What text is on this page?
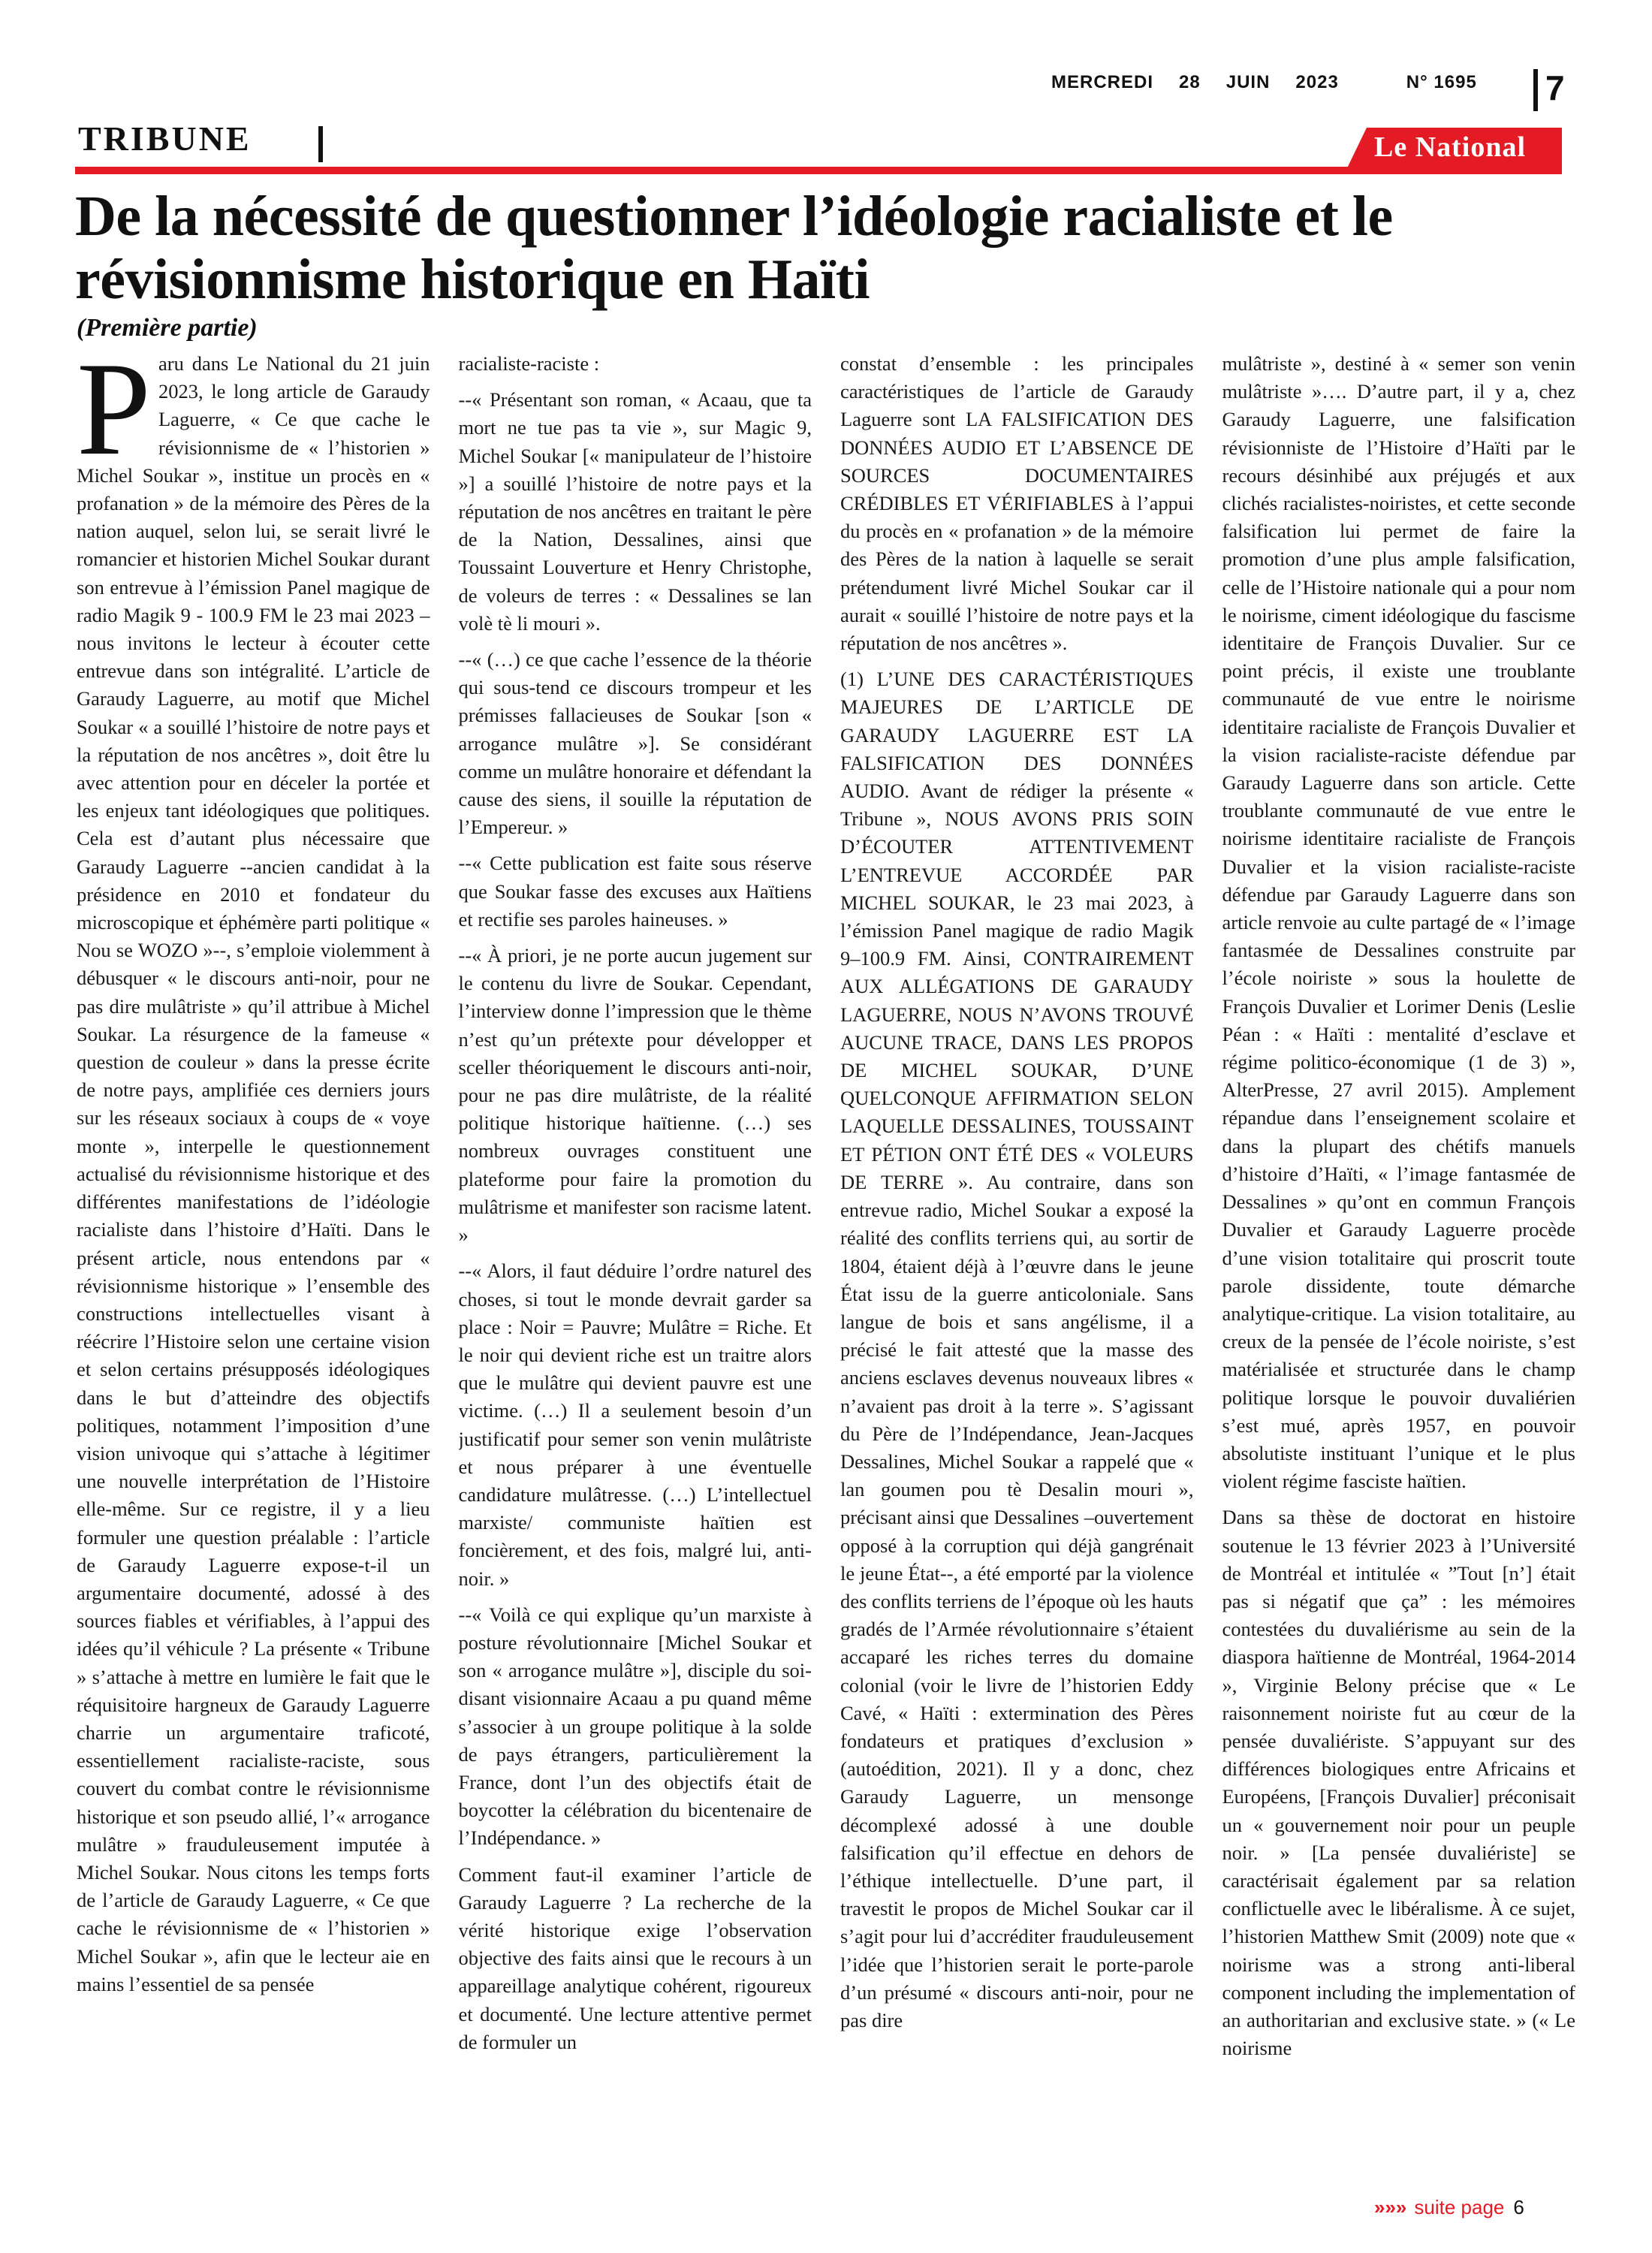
MERCREDI 28 JUIN 2023	N° 1695 7
TRIBUNE	Le National
De la nécessité de questionner l’idéologie racialiste et le révisionnisme historique en Haïti
(Première partie)

Paru dans Le National du 21 juin 2023, le long article de Garaudy Laguerre, « Ce que cache le révisionnisme de « l’historien » Michel Soukar », institue un procès en « profanation » de la mémoire des Pères de la nation auquel, selon lui, se serait livré le romancier et historien Michel Soukar durant son entrevue à l’émission Panel magique de radio Magik 9 - 100.9 FM le 23 mai 2023 –nous invitons le lecteur à écouter cette entrevue dans son intégralité. L’article de Garaudy Laguerre, au motif que Michel Soukar « a souillé l’histoire de notre pays et la réputation de nos ancêtres », doit être lu avec attention pour en déceler la portée et les enjeux tant idéologiques que politiques. Cela est d’autant plus nécessaire que Garaudy Laguerre --ancien candidat à la présidence en 2010 et fondateur du microscopique et éphémère parti politique « Nou se WOZO »--, s’emploie violemment à débusquer « le discours anti-noir, pour ne pas dire mulâtriste » qu’il attribue à Michel Soukar. La résurgence de la fameuse « question de couleur » dans la presse écrite de notre pays, amplifiée ces derniers jours sur les réseaux sociaux à coups de « voye monte », interpelle le questionnement actualisé du révisionnisme historique et des différentes manifestations de l’idéologie racialiste dans l’histoire d’Haïti. Dans le présent article, nous entendons par « révisionnisme historique » l’ensemble des constructions intellectuelles visant à réécrire l’Histoire selon une certaine vision et selon certains présupposés idéologiques dans le but d’atteindre des objectifs politiques, notamment l’imposition d’une vision univoque qui s’attache à légitimer une nouvelle interprétation de l’Histoire elle-même. Sur ce registre, il y a lieu formuler une question préalable : l’article de Garaudy Laguerre expose-t-il un argumentaire documenté, adossé à des sources fiables et vérifiables, à l’appui des idées qu’il véhicule ? La présente « Tribune » s’attache à mettre en lumière le fait que le réquisitoire hargneux de Garaudy Laguerre charrie un argumentaire traficoté, essentiellement racialiste-raciste, sous couvert du combat contre le révisionnisme historique et son pseudo allié, l’« arrogance mulâtre » frauduleusement imputée à Michel Soukar. Nous citons les temps forts de l’article de Garaudy Laguerre, « Ce que cache le révisionnisme de « l’historien » Michel Soukar », afin que le lecteur aie en mains l’essentiel de sa pensée

racialiste-raciste :

--« Présentant son roman, « Acaau, que ta mort ne tue pas ta vie », sur Magic 9, Michel Soukar [« manipulateur de l’histoire »] a souillé l’histoire de notre pays et la réputation de nos ancêtres en traitant le père de la Nation, Dessalines, ainsi que Toussaint Louverture et Henry Christophe, de voleurs de terres : « Dessalines se lan volè tè li mouri ».

--« (…) ce que cache l’essence de la théorie qui sous-tend ce discours trompeur et les prémisses fallacieuses de Soukar [son « arrogance mulâtre »]. Se considérant comme un mulâtre honoraire et défendant la cause des siens, il souille la réputation de l’Empereur. »

--« Cette publication est faite sous réserve que Soukar fasse des excuses aux Haïtiens et rectifie ses paroles haineuses. »

--« À priori, je ne porte aucun jugement sur le contenu du livre de Soukar. Cependant, l’interview donne l’impression que le thème n’est qu’un prétexte pour développer et sceller théoriquement le discours anti-noir, pour ne pas dire mulâtriste, de la réalité politique historique haïtienne. (…) ses nombreux ouvrages constituent une plateforme pour faire la promotion du mulâtrisme et manifester son racisme latent. »

--« Alors, il faut déduire l’ordre naturel des choses, si tout le monde devrait garder sa place : Noir = Pauvre; Mulâtre = Riche. Et le noir qui devient riche est un traitre alors que le mulâtre qui devient pauvre est une victime. (…) Il a seulement besoin d’un justificatif pour semer son venin mulâtriste et nous préparer à une éventuelle candidature mulâtresse. (…) L’intellectuel marxiste/ communiste haïtien est foncièrement, et des fois, malgré lui, anti-noir. »

--« Voilà ce qui explique qu’un marxiste à posture révolutionnaire [Michel Soukar et son « arrogance mulâtre »], disciple du soi-disant visionnaire Acaau a pu quand même s’associer à un groupe politique à la solde de pays étrangers, particulièrement la France, dont l’un des objectifs était de boycotter la célébration du bicentenaire de l’Indépendance. »

Comment faut-il examiner l’article de Garaudy Laguerre ? La recherche de la vérité historique exige l’observation objective des faits ainsi que le recours à un appareillage analytique cohérent, rigoureux et documenté. Une lecture attentive permet de formuler un

constat d’ensemble : les principales caractéristiques de l’article de Garaudy Laguerre sont LA FALSIFICATION DES DONNÉES AUDIO ET L’ABSENCE DE SOURCES DOCUMENTAIRES CRÉDIBLES ET VÉRIFIABLES à l’appui du procès en « profanation » de la mémoire des Pères de la nation à laquelle se serait prétendument livré Michel Soukar car il aurait « souillé l’histoire de notre pays et la réputation de nos ancêtres ».

(1) L’UNE DES CARACTÉRISTIQUES MAJEURES DE L’ARTICLE DE GARAUDY LAGUERRE EST LA FALSIFICATION DES DONNÉES AUDIO. Avant de rédiger la présente « Tribune », NOUS AVONS PRIS SOIN D’ÉCOUTER ATTENTIVEMENT L’ENTREVUE ACCORDÉE PAR MICHEL SOUKAR, le 23 mai 2023, à l’émission Panel magique de radio Magik 9–100.9 FM. Ainsi, CONTRAIREMENT AUX ALLÉGATIONS DE GARAUDY LAGUERRE, NOUS N’AVONS TROUVÉ AUCUNE TRACE, DANS LES PROPOS DE MICHEL SOUKAR, D’UNE QUELCONQUE AFFIRMATION SELON LAQUELLE DESSALINES, TOUSSAINT ET PÉTION ONT ÉTÉ DES « VOLEURS DE TERRE ». Au contraire, dans son entrevue radio, Michel Soukar a exposé la réalité des conflits terriens qui, au sortir de 1804, étaient déjà à l’œuvre dans le jeune État issu de la guerre anticoloniale. Sans langue de bois et sans angélisme, il a précisé le fait attesté que la masse des anciens esclaves devenus nouveaux libres « n’avaient pas droit à la terre ». S’agissant du Père de l’Indépendance, Jean-Jacques Dessalines, Michel Soukar a rappelé que « lan goumen pou tè Desalin mouri », précisant ainsi que Dessalines –ouvertement opposé à la corruption qui déjà gangrénait le jeune État--, a été emporté par la violence des conflits terriens de l’époque où les hauts gradés de l’Armée révolutionnaire s’étaient accaparé les riches terres du domaine colonial (voir le livre de l’historien Eddy Cavé, « Haïti : extermination des Pères fondateurs et pratiques d’exclusion » (autoédition, 2021). Il y a donc, chez Garaudy Laguerre, un mensonge décomplexé adossé à une double falsification qu’il effectue en dehors de l’éthique intellectuelle. D’une part, il travestit le propos de Michel Soukar car il s’agit pour lui d’accréditer frauduleusement l’idée que l’historien serait le porte-parole d’un présumé « discours anti-noir, pour ne pas dire

mulâtriste », destiné à « semer son venin mulâtriste »…. D’autre part, il y a, chez Garaudy Laguerre, une falsification révisionniste de l’Histoire d’Haïti par le recours désinhibé aux préjugés et aux clichés racialistes-noiristes, et cette seconde falsification lui permet de faire la promotion d’une plus ample falsification, celle de l’Histoire nationale qui a pour nom le noirisme, ciment idéologique du fascisme identitaire de François Duvalier. Sur ce point précis, il existe une troublante communauté de vue entre le noirisme identitaire racialiste de François Duvalier et la vision racialiste-raciste défendue par Garaudy Laguerre dans son article. Cette troublante communauté de vue entre le noirisme identitaire racialiste de François Duvalier et la vision racialiste-raciste défendue par Garaudy Laguerre dans son article renvoie au culte partagé de « l’image fantasmée de Dessalines construite par l’école noiriste » sous la houlette de François Duvalier et Lorimer Denis (Leslie Péan : « Haïti : mentalité d’esclave et régime politico-économique (1 de 3) », AlterPresse, 27 avril 2015). Amplement répandue dans l’enseignement scolaire et dans la plupart des chétifs manuels d’histoire d’Haïti, « l’image fantasmée de Dessalines » qu’ont en commun François Duvalier et Garaudy Laguerre procède d’une vision totalitaire qui proscrit toute parole dissidente, toute démarche analytique-critique. La vision totalitaire, au creux de la pensée de l’école noiriste, s’est matérialisée et structurée dans le champ politique lorsque le pouvoir duvaliérien s’est mué, après 1957, en pouvoir absolutiste instituant l’unique et le plus violent régime fasciste haïtien.

Dans sa thèse de doctorat en histoire soutenue le 13 février 2023 à l’Université de Montréal et intitulée « ”Tout [n’] était pas si négatif que ça” : les mémoires contestées du duvaliérisme au sein de la diaspora haïtienne de Montréal, 1964-2014 », Virginie Belony précise que « Le raisonnement noiriste fut au cœur de la pensée duvaliériste. S’appuyant sur des différences biologiques entre Africains et Européens, [François Duvalier] préconisait un « gouvernement noir pour un peuple noir. » [La pensée duvaliériste] se caractérisait également par sa relation conflictuelle avec le libéralisme. À ce sujet, l’historien Matthew Smit (2009) note que « noirisme was a strong anti-liberal component including the implementation of an authoritarian and exclusive state. » (« Le noirisme

»»» suite page 6
